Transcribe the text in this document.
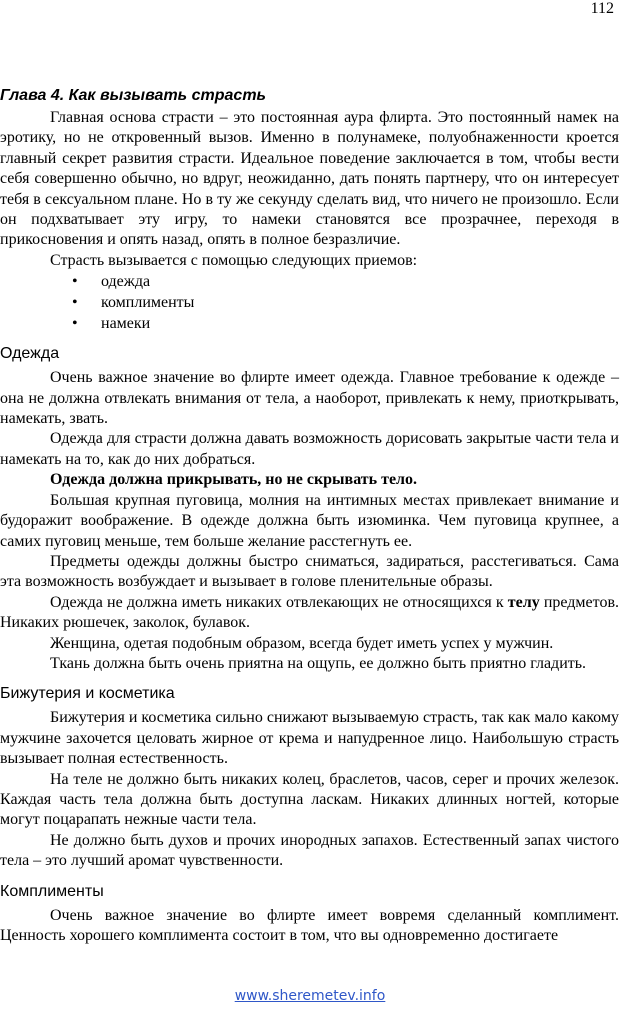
112
Глава 4. Как вызывать страсть

Главная основа страсти – это постоянная аура флирта. Это постоянный намек на эротику, но не откровенный вызов. Именно в полунамеке, полуобнаженности кроется главный секрет развития страсти. Идеальное поведение заключается в том, чтобы вести себя совершенно обычно, но вдруг, неожиданно, дать понять партнеру, что он интересует тебя в сексуальном плане. Но в ту же секунду сделать вид, что ничего не произошло. Если он подхватывает эту игру, то намеки становятся все прозрачнее, переходя в прикосновения и опять назад, опять в полное безразличие.

Страсть вызывается с помощью следующих приемов:

• одежда
• комплименты
• намеки
Одежда

Очень важное значение во флирте имеет одежда. Главное требование к одежде – она не должна отвлекать внимания от тела, а наоборот, привлекать к нему, приоткрывать, намекать, звать.

Одежда для страсти должна давать возможность дорисовать закрытые части тела и намекать на то, как до них добраться.

Одежда должна прикрывать, но не скрывать тело.

Большая крупная пуговица, молния на интимных местах привлекает внимание и будоражит воображение. В одежде должна быть изюминка. Чем пуговица крупнее, а самих пуговиц меньше, тем больше желание расстегнуть ее.

Предметы одежды должны быстро сниматься, задираться, расстегиваться. Сама эта возможность возбуждает и вызывает в голове пленительные образы.

Одежда не должна иметь никаких отвлекающих не относящихся к телу предметов. Никаких рюшечек, заколок, булавок.

Женщина, одетая подобным образом, всегда будет иметь успех у мужчин.

Ткань должна быть очень приятна на ощупь, ее должно быть приятно гладить.

Бижутерия и косметика

Бижутерия и косметика сильно снижают вызываемую страсть, так как мало какому мужчине захочется целовать жирное от крема и напудренное лицо. Наибольшую страсть вызывает полная естественность.

На теле не должно быть никаких колец, браслетов, часов, серег и прочих железок. Каждая часть тела должна быть доступна ласкам. Никаких длинных ногтей, которые могут поцарапать нежные части тела.

Не должно быть духов и прочих инородных запахов. Естественный запах чистого тела – это лучший аромат чувственности.

Комплименты

Очень важное значение во флирте имеет вовремя сделанный комплимент. Ценность хорошего комплимента состоит в том, что вы одновременно достигаете

www.sheremetev.info
